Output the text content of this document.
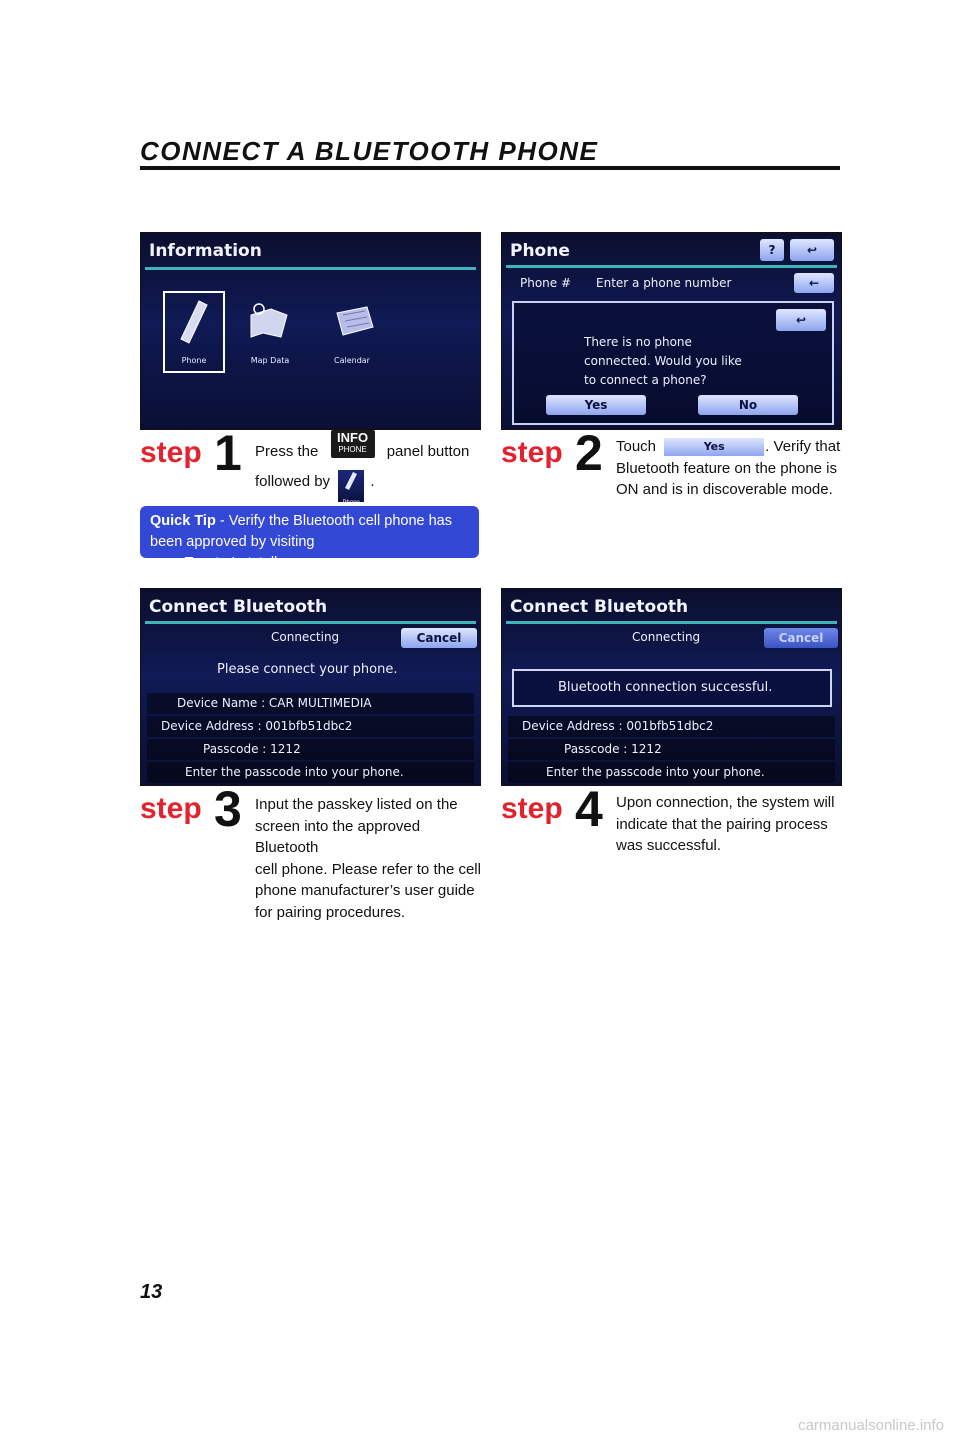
CONNECT A BLUETOOTH PHONE
Information
Phone	Map Data	Calendar
Phone	?	↩
Phone # Enter a phone number	←
↩
There is no phone
connected. Would you like
to connect a phone?
Yes	No
step 1 Press the
INFO
PHONE	panel button
followed by
Phone
.
Quick Tip - Verify the Bluetooth cell phone has been approved by visiting www.Toyota.Letstalk.com.
step 2 Touch	Yes	. Verify that
Bluetooth feature on the phone is
ON and is in discoverable mode.
Connect Bluetooth
Connecting	Cancel
Please connect your phone.
Device Name : CAR MULTIMEDIA
Device Address : 001bfb51dbc2
Passcode : 1212
Enter the passcode into your phone.
Connect Bluetooth
Connecting	Cancel
Bluetooth connection successful.
Device Address : 001bfb51dbc2
Passcode : 1212
Enter the passcode into your phone.
step 3 Input the passkey listed on the
screen into the approved Bluetooth
cell phone. Please refer to the cell
phone manufacturer’s user guide
for pairing procedures.
step 4 Upon connection, the system will
indicate that the pairing process
was successful.
13
carmanualsonline.info
